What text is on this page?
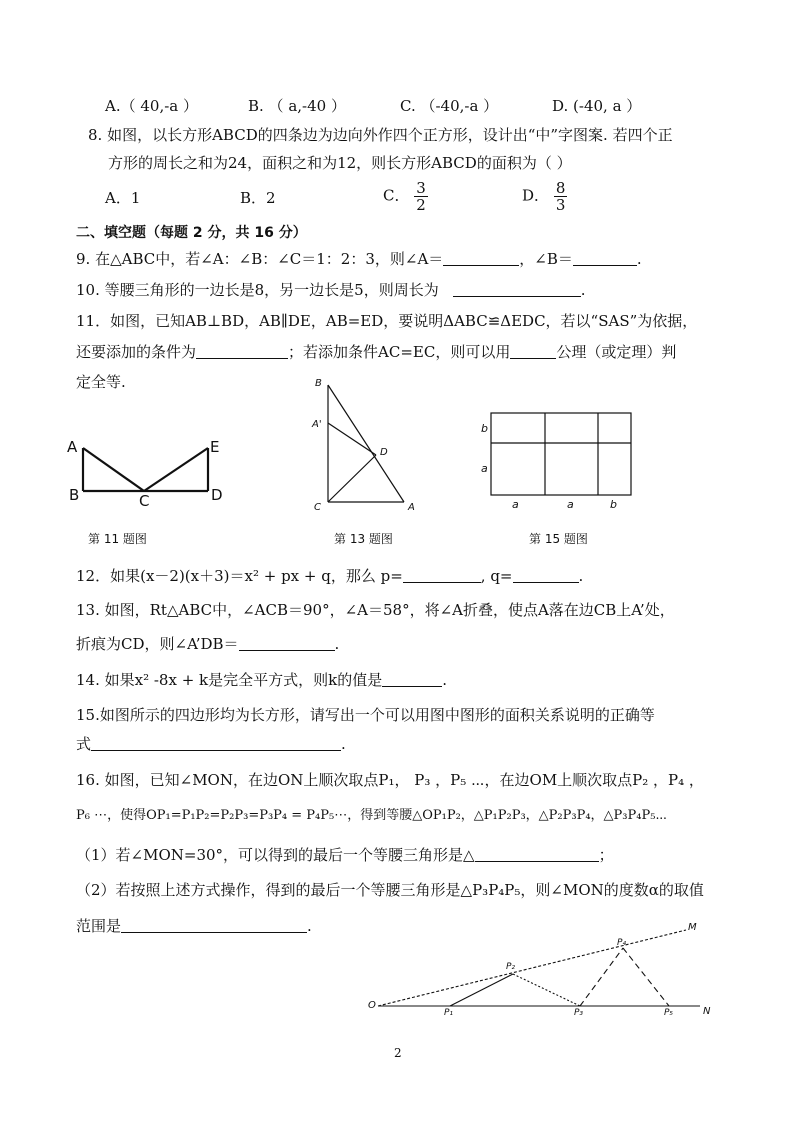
A.（ 40,-a ）	B. （ a,-40 ）	C. （-40,-a ）	D. (-40, a ）
8. 如图，以长方形ABCD的四条边为边向外作四个正方形，设计出“中”字图案. 若四个正
方形的周长之和为24，面积之和为12，则长方形ABCD的面积为（ ）
A．1	B．2	C． $\frac{3}{2}$	D． $\frac{8}{3}$
二、填空题（每题 2 分，共 16 分）
9. 在△ABC中，若∠A：∠B：∠C＝1：2：3，则∠A＝	，∠B＝	.
10. 等腰三角形的一边长是8，另一边长是5，则周长为	.
11．如图，已知AB⊥BD，AB∥DE，AB=ED，要说明ΔABC≌ΔEDC，若以“SAS”为依据，
还要添加的条件为	；若添加条件AC=EC，则可以用	公理（或定理）判
定全等.
A
B	C	D
E
第 11 题图
B
A'
D
C	A
第 13 题图
b
a
a	a	b
第 15 题图
12．如果(x－2)(x＋3)＝x² + px + q，那么 p=	, q=	.
13. 如图，Rt△ABC中，∠ACB＝90°，∠A＝58°，将∠A折叠，使点A落在边CB上A’处，
折痕为CD，则∠A’DB＝	.
14. 如果x² -8x + k是完全平方式，则k的值是	.
15.如图所示的四边形均为长方形，请写出一个可以用图中图形的面积关系说明的正确等
式	.
16. 如图，已知∠MON，在边ON上顺次取点P₁， P₃ ，P₅ ⋯，在边OM上顺次取点P₂ ，P₄ ，
P₆ ⋯，使得OP₁=P₁P₂=P₂P₃=P₃P₄ = P₄P₅⋯，得到等腰△OP₁P₂，△P₁P₂P₃，△P₂P₃P₄，△P₃P₄P₅⋯
（1）若∠MON=30°，可以得到的最后一个等腰三角形是△	；
（2）若按照上述方式操作，得到的最后一个等腰三角形是△P₃P₄P₅，则∠MON的度数α的取值
范围是	.
O
M
N
P₁
P₂
P₃
P₄
P₅
2
